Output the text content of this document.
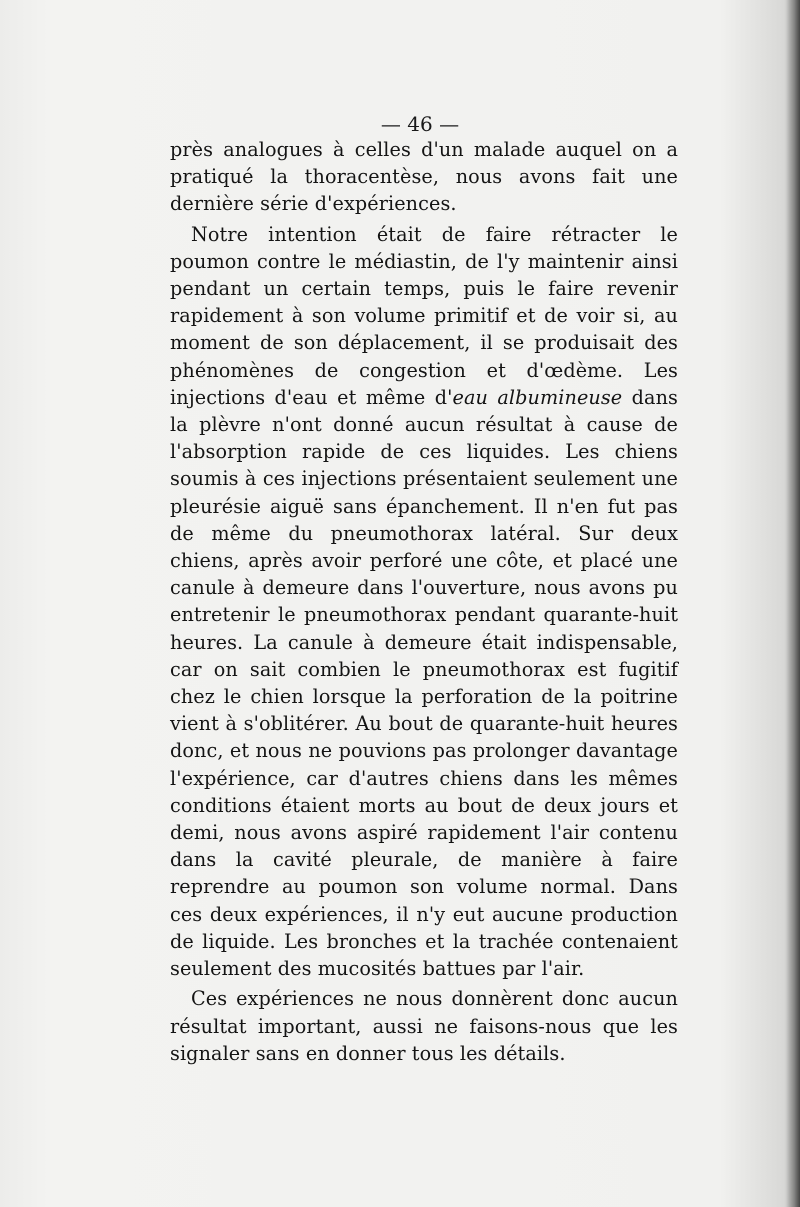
— 46 —

près analogues à celles d'un malade auquel on a pratiqué la thoracentèse, nous avons fait une dernière série d'expériences.

Notre intention était de faire rétracter le poumon contre le médiastin, de l'y maintenir ainsi pendant un certain temps, puis le faire revenir rapidement à son volume primitif et de voir si, au moment de son déplacement, il se produisait des phénomènes de congestion et d'œdème. Les injections d'eau et même d'eau albumineuse dans la plèvre n'ont donné aucun résultat à cause de l'absorption rapide de ces liquides. Les chiens soumis à ces injections présentaient seulement une pleurésie aiguë sans épanchement. Il n'en fut pas de même du pneumothorax latéral. Sur deux chiens, après avoir perforé une côte, et placé une canule à demeure dans l'ouverture, nous avons pu entretenir le pneumothorax pendant quarante-huit heures. La canule à demeure était indispensable, car on sait combien le pneumothorax est fugitif chez le chien lorsque la perforation de la poitrine vient à s'oblitérer. Au bout de quarante-huit heures donc, et nous ne pouvions pas prolonger davantage l'expérience, car d'autres chiens dans les mêmes conditions étaient morts au bout de deux jours et demi, nous avons aspiré rapidement l'air contenu dans la cavité pleurale, de manière à faire reprendre au poumon son volume normal. Dans ces deux expériences, il n'y eut aucune production de liquide. Les bronches et la trachée contenaient seulement des mucosités battues par l'air.

Ces expériences ne nous donnèrent donc aucun résultat important, aussi ne faisons-nous que les signaler sans en donner tous les détails.
